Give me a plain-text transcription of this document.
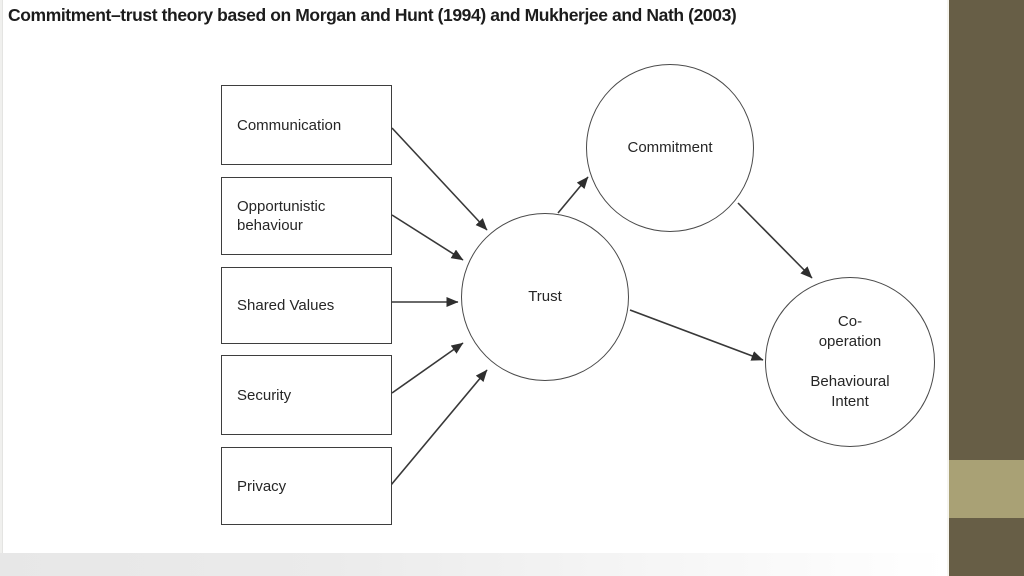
Commitment–trust theory based on Morgan and Hunt (1994) and Mukherjee and Nath (2003)
Communication
Opportunistic behaviour
Shared Values
Security
Privacy
Trust
Commitment
Co-
operation
Behavioural
Intent
